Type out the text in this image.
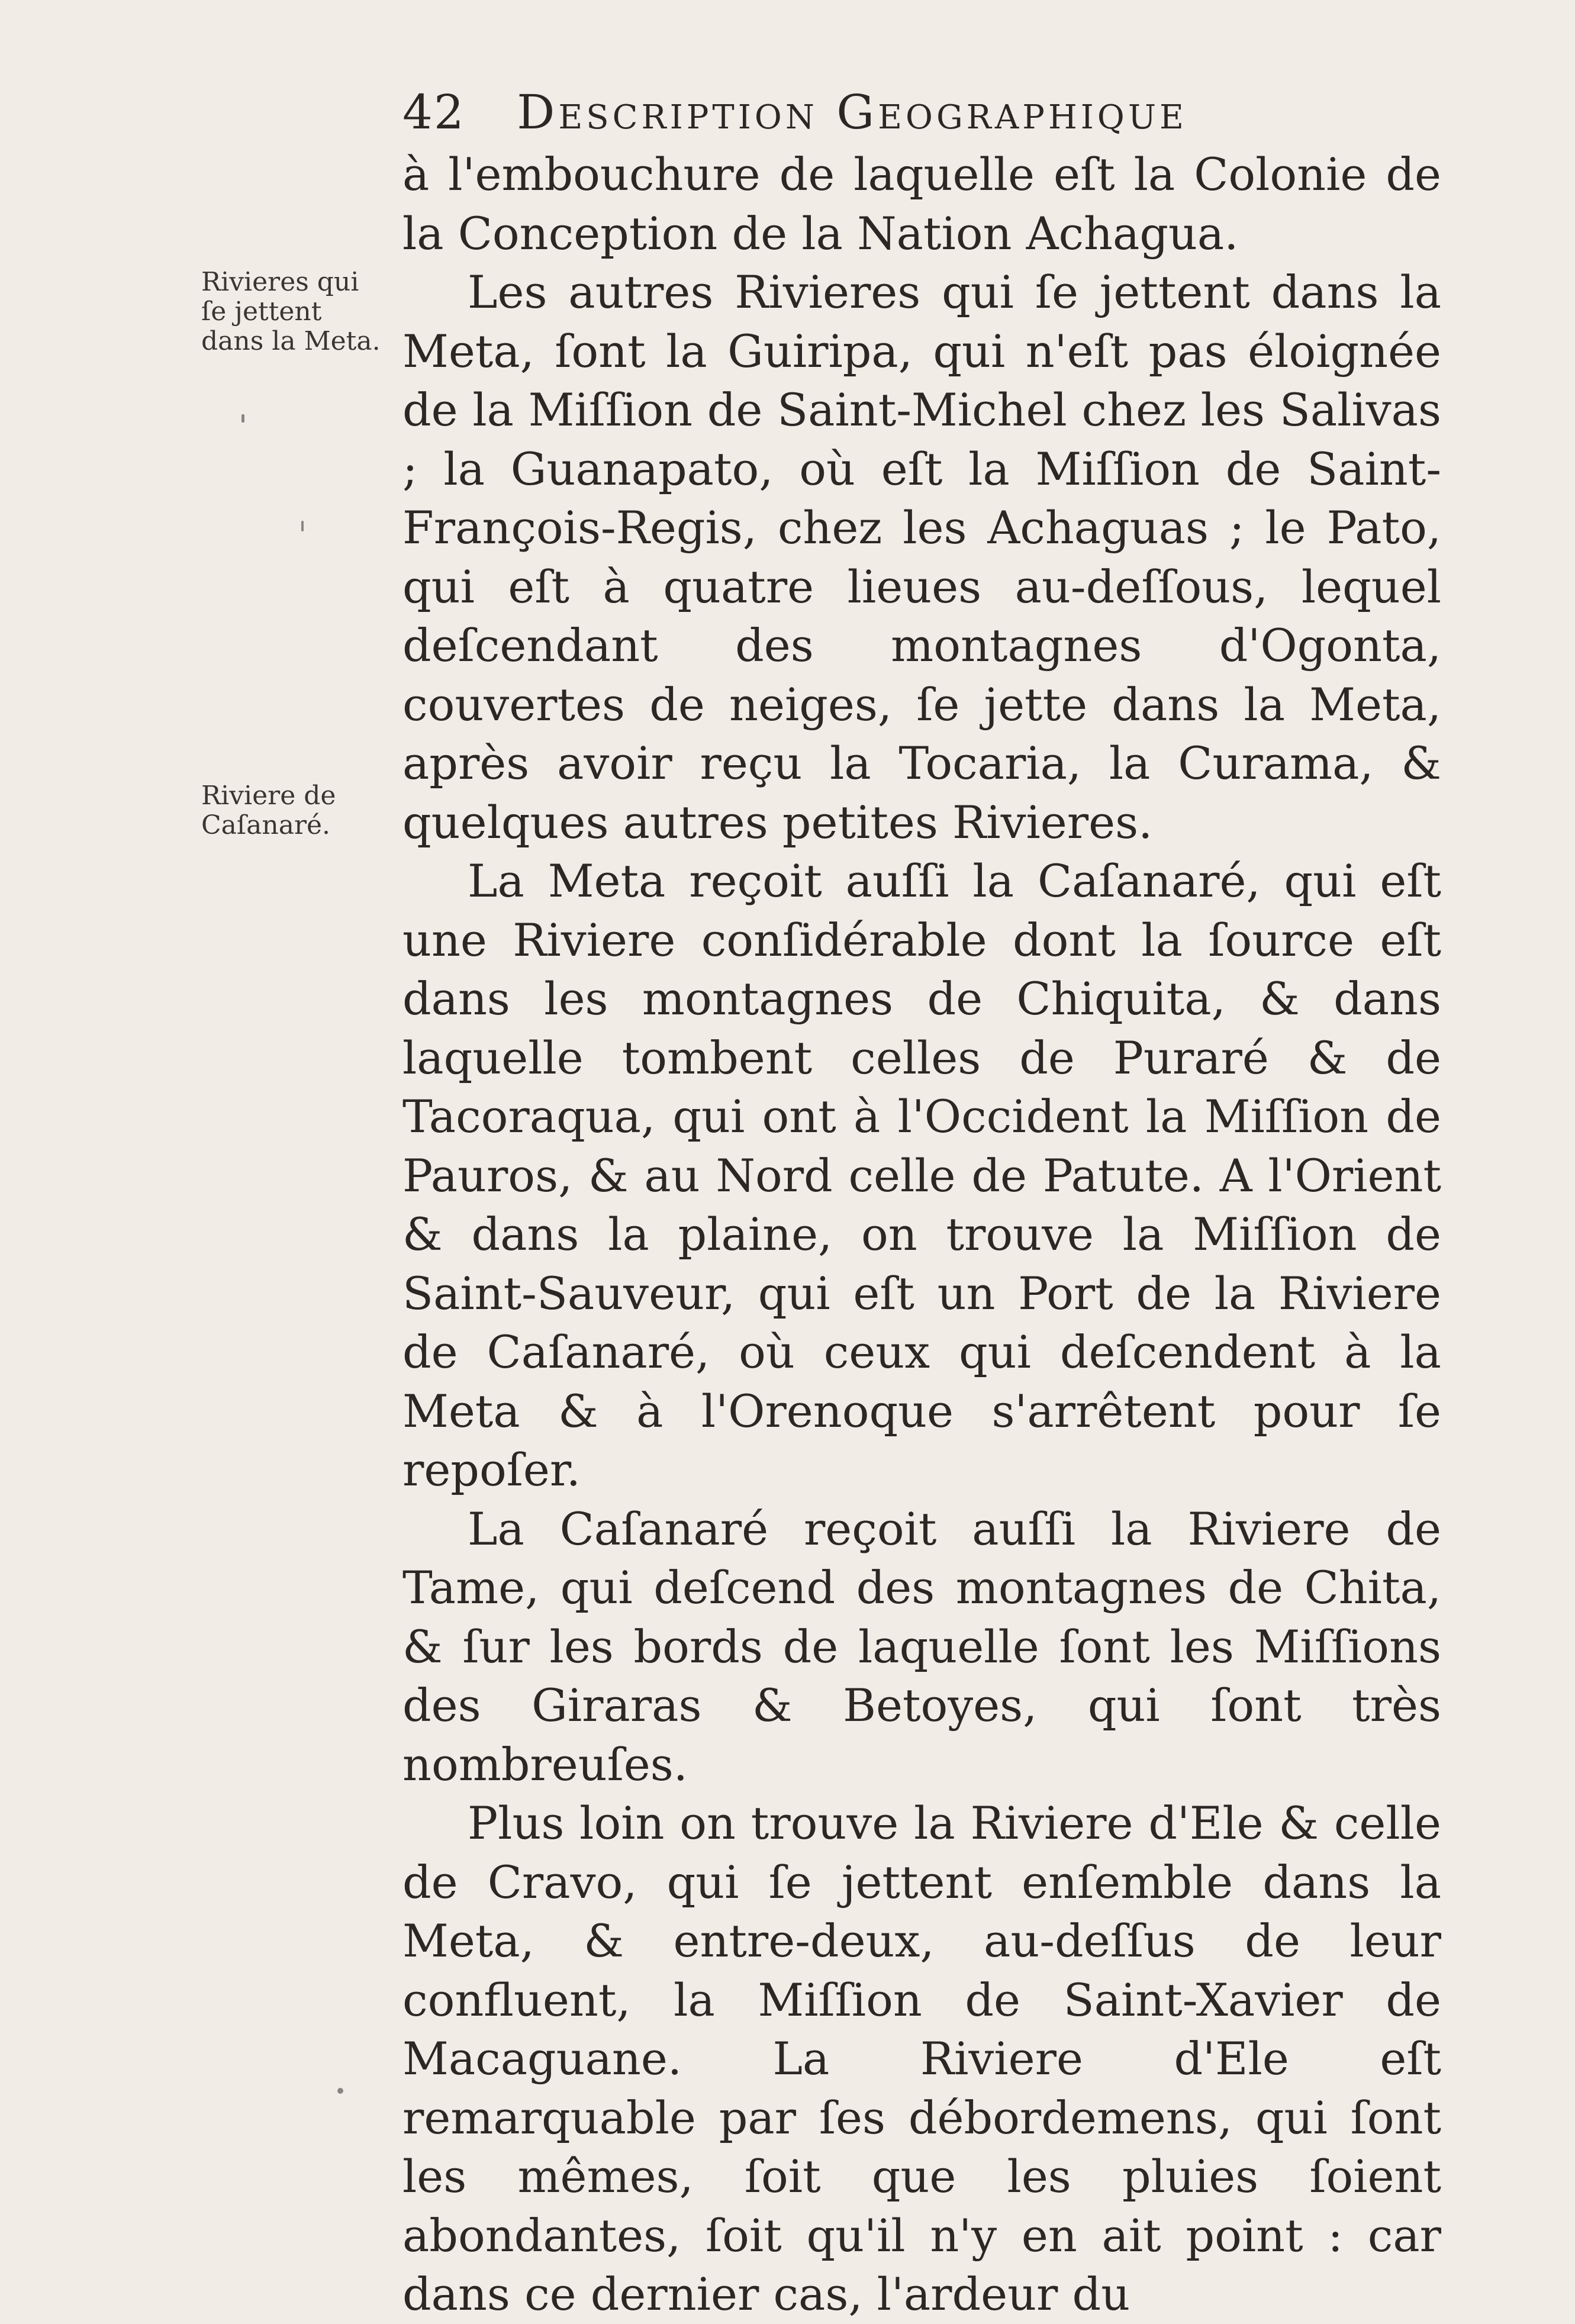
42 Description Geographique
Rivieres qui ſe jettent dans la Meta.
Riviere de Caſanaré.

à l'embouchure de laquelle eſt la Colonie de la Conception de la Nation Achagua.

Les autres Rivieres qui ſe jettent dans la Meta, ſont la Guiripa, qui n'eſt pas éloignée de la Miſſion de Saint-Michel chez les Salivas ; la Guanapato, où eſt la Miſſion de Saint-François-Regis, chez les Achaguas ; le Pato, qui eſt à quatre lieues au-deſſous, lequel deſcendant des montagnes d'Ogonta, couvertes de neiges, ſe jette dans la Meta, après avoir reçu la Tocaria, la Curama, & quelques autres petites Rivieres.

La Meta reçoit auſſi la Caſanaré, qui eſt une Riviere conſidérable dont la ſource eſt dans les montagnes de Chiquita, & dans laquelle tombent celles de Puraré & de Tacoraqua, qui ont à l'Occident la Miſſion de Pauros, & au Nord celle de Patute. A l'Orient & dans la plaine, on trouve la Miſſion de Saint-Sauveur, qui eſt un Port de la Riviere de Caſanaré, où ceux qui deſcendent à la Meta & à l'Orenoque s'arrêtent pour ſe repoſer.

La Caſanaré reçoit auſſi la Riviere de Tame, qui deſcend des montagnes de Chita, & ſur les bords de laquelle ſont les Miſſions des Giraras & Betoyes, qui ſont très nombreuſes.

Plus loin on trouve la Riviere d'Ele & celle de Cravo, qui ſe jettent enſemble dans la Meta, & entre-deux, au-deſſus de leur confluent, la Miſſion de Saint-Xavier de Macaguane. La Riviere d'Ele eſt remarquable par ſes débordemens, qui ſont les mêmes, ſoit que les pluies ſoient abondantes, ſoit qu'il n'y en ait point : car dans ce dernier cas, l'ardeur du
